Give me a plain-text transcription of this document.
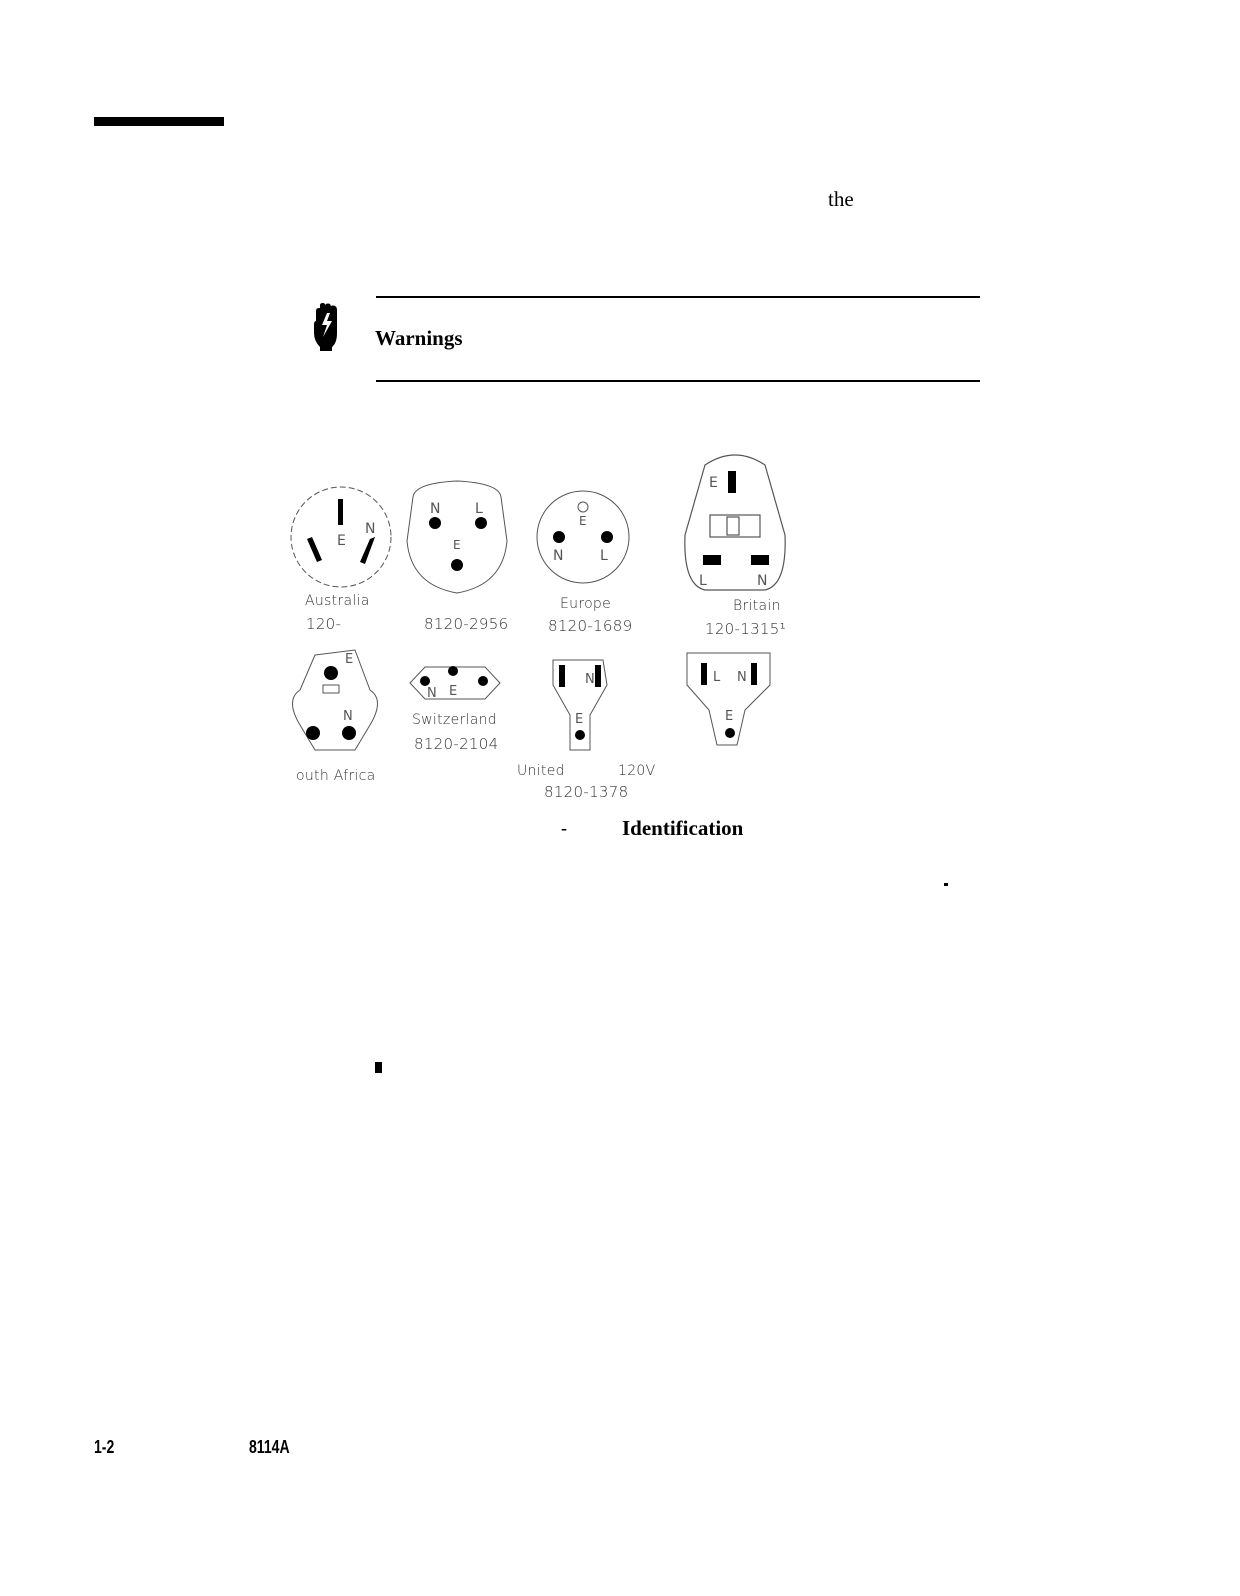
the
Warnings
E
N
N L
E
E
N	L
E
L	N
E
N
N E
N
E
L N
E
Australia
120-	8120-2956
Europe
8120-1689
Britain
120-1315¹
outh Africa
Switzerland
8120-2104
United	120V
8120-1378
-	Identification
1-2	8114A
